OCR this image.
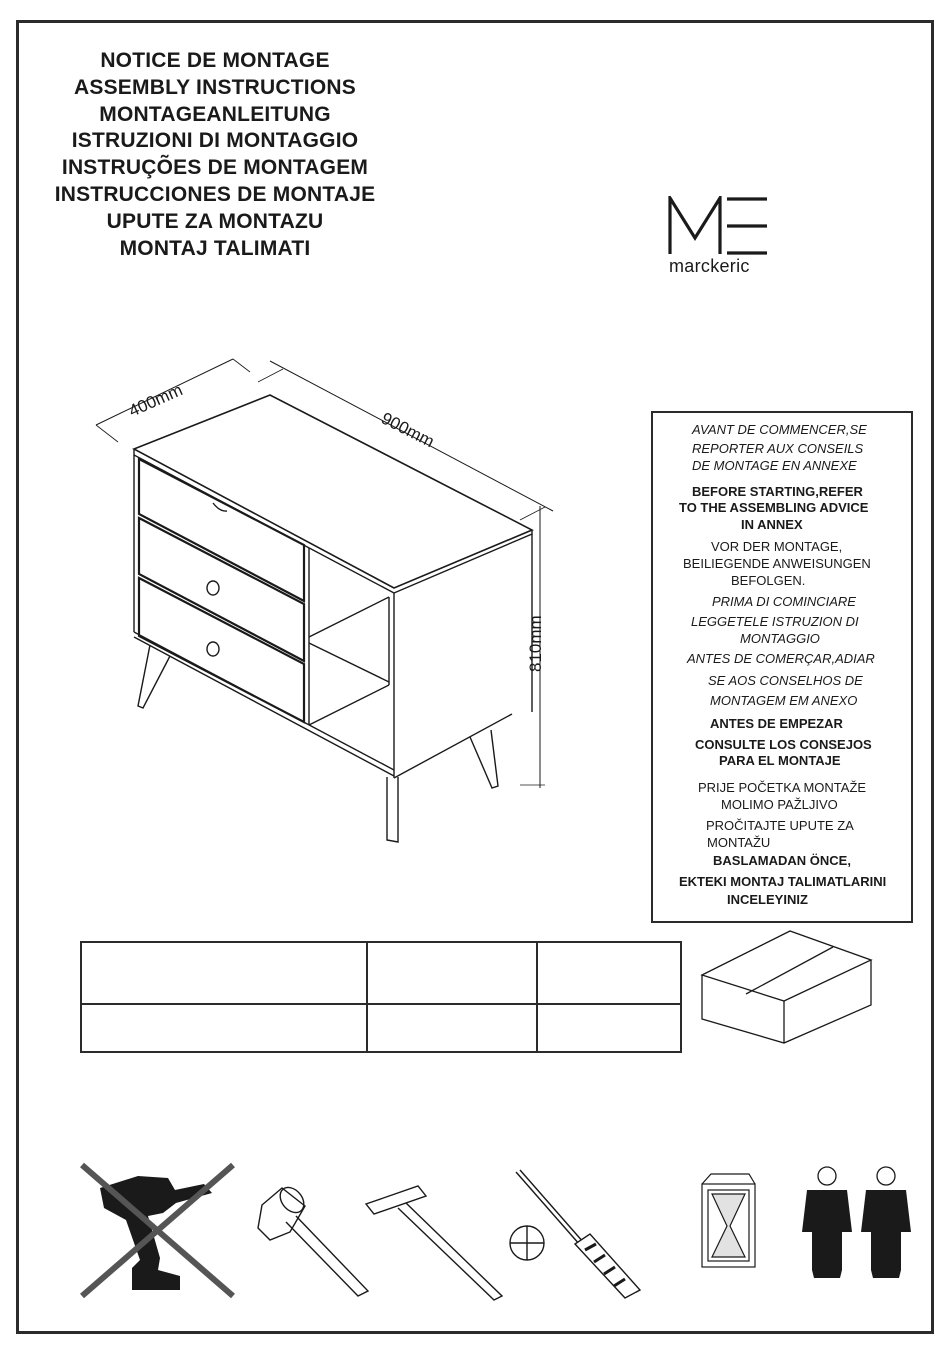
NOTICE DE MONTAGE
ASSEMBLY INSTRUCTIONS
MONTAGEANLEITUNG
ISTRUZIONI DI MONTAGGIO
INSTRUÇÕES DE MONTAGEM
INSTRUCCIONES DE MONTAJE
UPUTE ZA MONTAZU
MONTAJ TALIMATI
marckeric
400mm
900mm
810mm
AVANT DE COMMENCER,SE
REPORTER AUX CONSEILS
DE MONTAGE EN ANNEXE
BEFORE STARTING,REFER
TO THE ASSEMBLING ADVICE
IN ANNEX
VOR DER MONTAGE,
BEILIEGENDE ANWEISUNGEN
BEFOLGEN.
PRIMA DI COMINCIARE
LEGGETELE ISTRUZION DI
MONTAGGIO
ANTES DE COMERÇAR,ADIAR
SE AOS CONSELHOS DE
MONTAGEM EM ANEXO
ANTES DE EMPEZAR
CONSULTE LOS CONSEJOS
PARA EL MONTAJE
PRIJE POČETKA MONTAŽE
MOLIMO PAŽLJIVO
PROČITAJTE UPUTE ZA
MONTAŽU
BASLAMADAN ÖNCE,
EKTEKI MONTAJ TALIMATLARINI
INCELEYINIZ
